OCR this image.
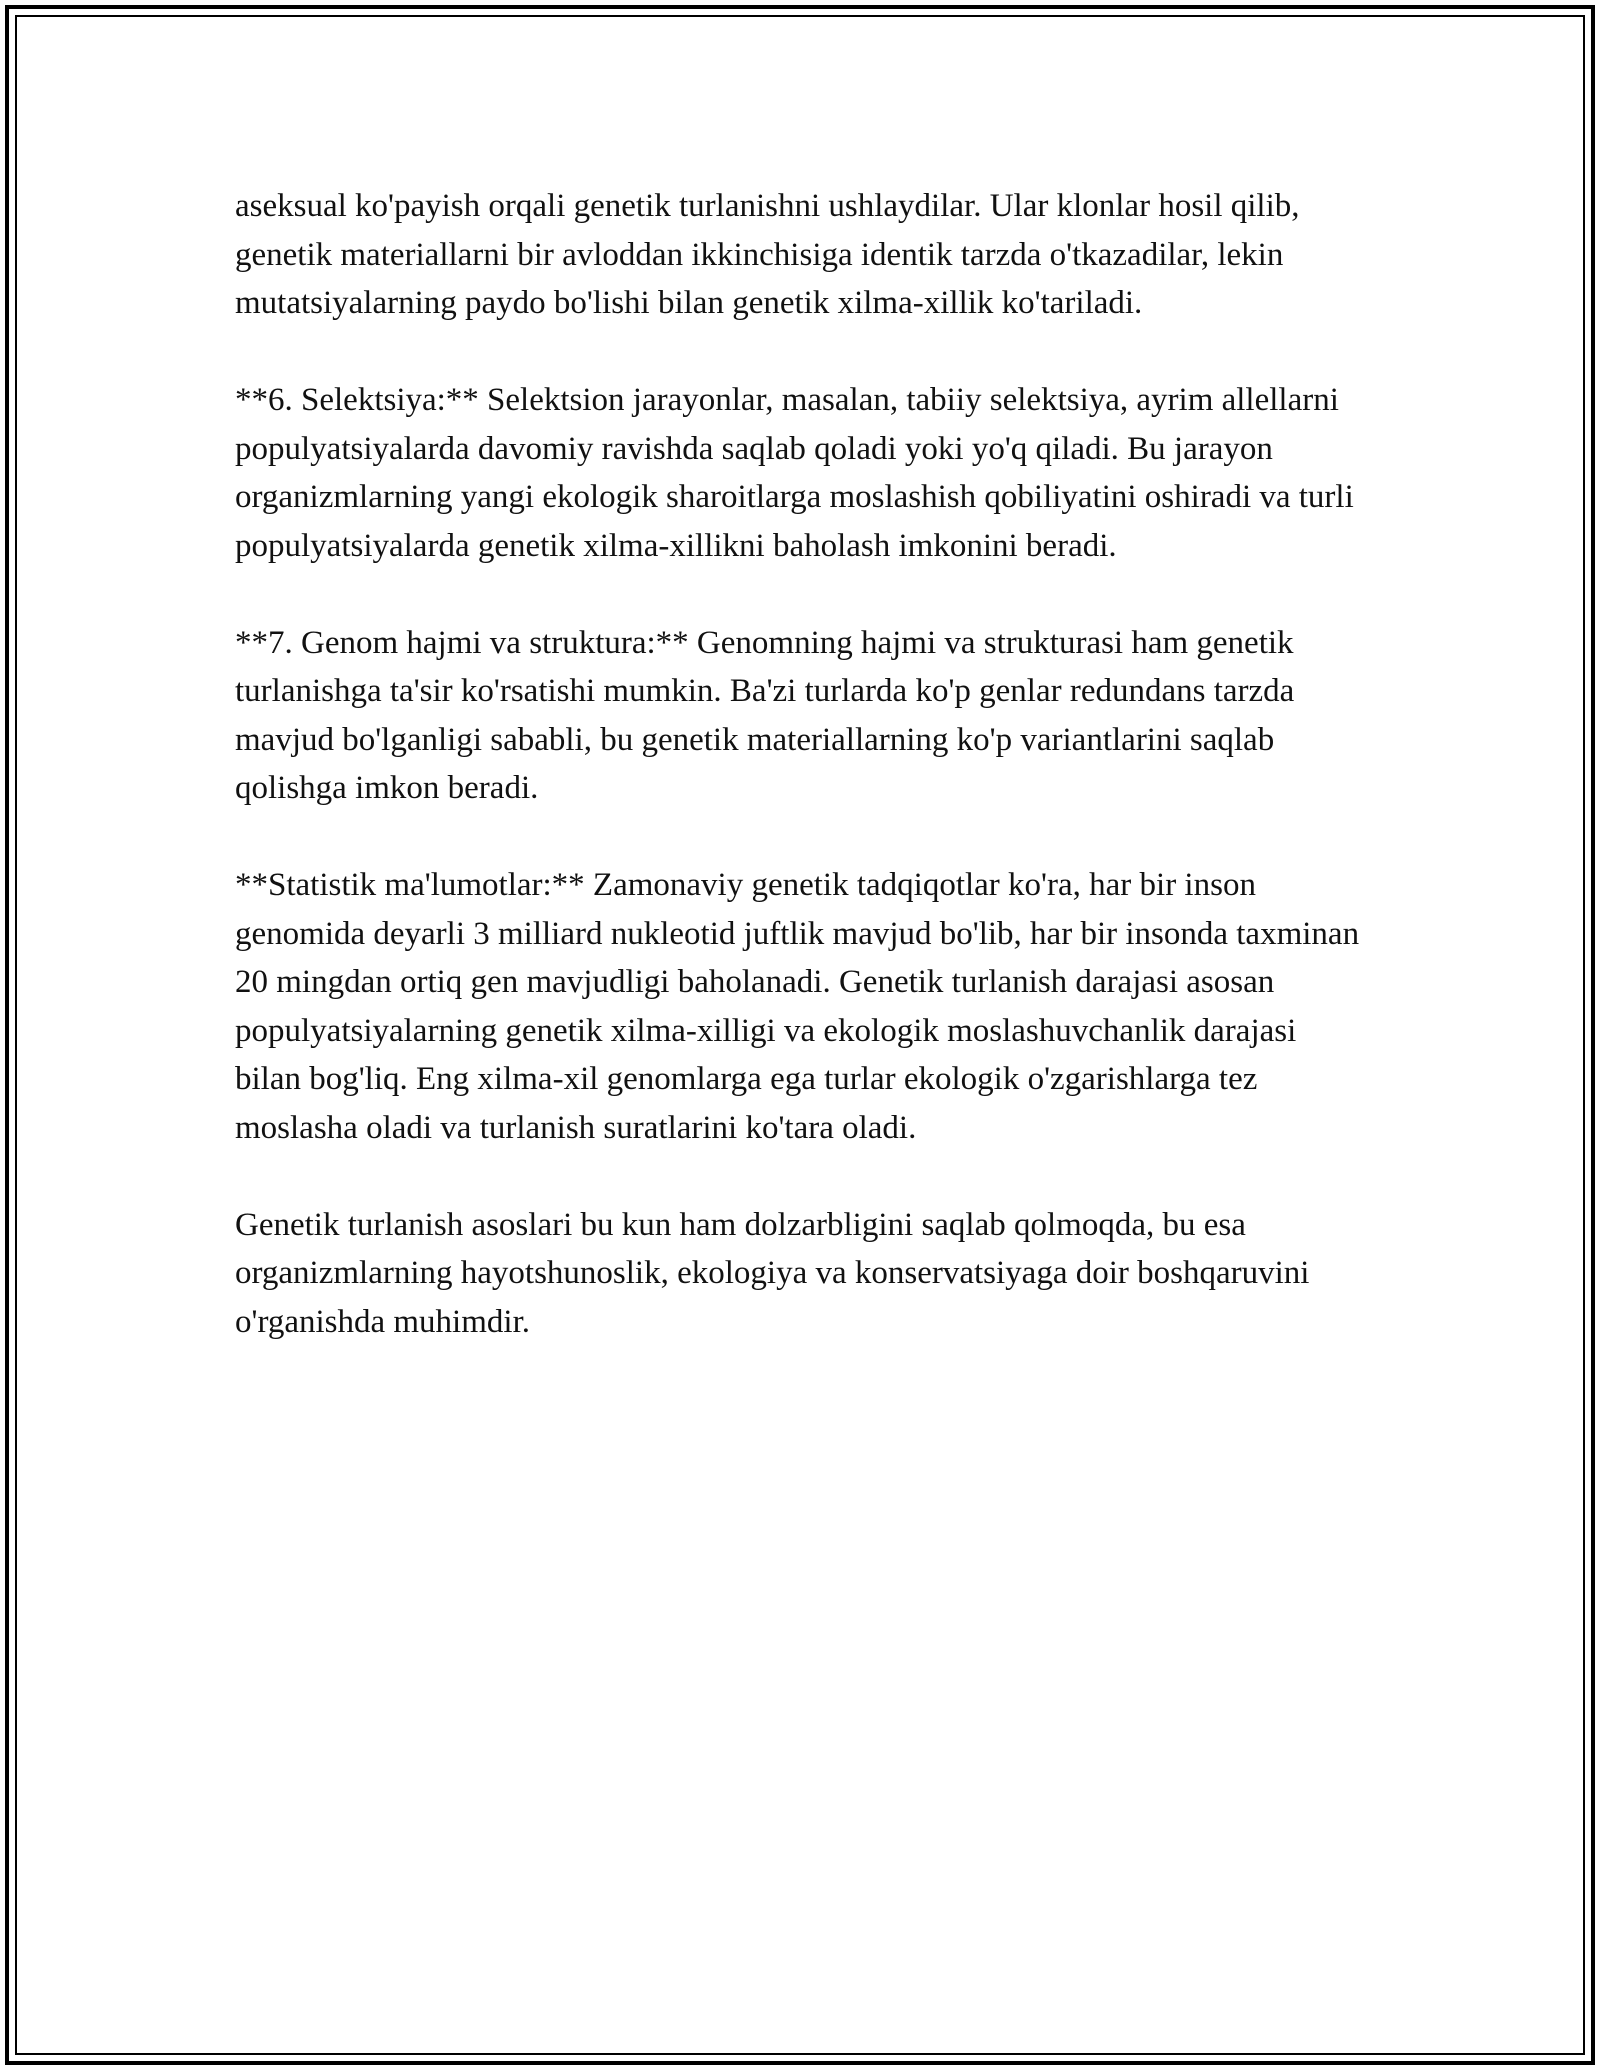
aseksual ko'payish orqali genetik turlanishni ushlaydilar. Ular klonlar hosil qilib, genetik materiallarni bir avloddan ikkinchisiga identik tarzda o'tkazadilar, lekin mutatsiyalarning paydo bo'lishi bilan genetik xilma-xillik ko'tariladi.

**6. Selektsiya:** Selektsion jarayonlar, masalan, tabiiy selektsiya, ayrim allellarni populyatsiyalarda davomiy ravishda saqlab qoladi yoki yo'q qiladi. Bu jarayon organizmlarning yangi ekologik sharoitlarga moslashish qobiliyatini oshiradi va turli populyatsiyalarda genetik xilma-xillikni baholash imkonini beradi.

**7. Genom hajmi va struktura:** Genomning hajmi va strukturasi ham genetik turlanishga ta'sir ko'rsatishi mumkin. Ba'zi turlarda ko'p genlar redundans tarzda mavjud bo'lganligi sababli, bu genetik materiallarning ko'p variantlarini saqlab qolishga imkon beradi.

**Statistik ma'lumotlar:** Zamonaviy genetik tadqiqotlar ko'ra, har bir inson genomida deyarli 3 milliard nukleotid juftlik mavjud bo'lib, har bir insonda taxminan 20 mingdan ortiq gen mavjudligi baholanadi. Genetik turlanish darajasi asosan populyatsiyalarning genetik xilma-xilligi va ekologik moslashuvchanlik darajasi bilan bog'liq. Eng xilma-xil genomlarga ega turlar ekologik o'zgarishlarga tez moslasha oladi va turlanish suratlarini ko'tara oladi.

Genetik turlanish asoslari bu kun ham dolzarbligini saqlab qolmoqda, bu esa organizmlarning hayotshunoslik, ekologiya va konservatsiyaga doir boshqaruvini o'rganishda muhimdir.
